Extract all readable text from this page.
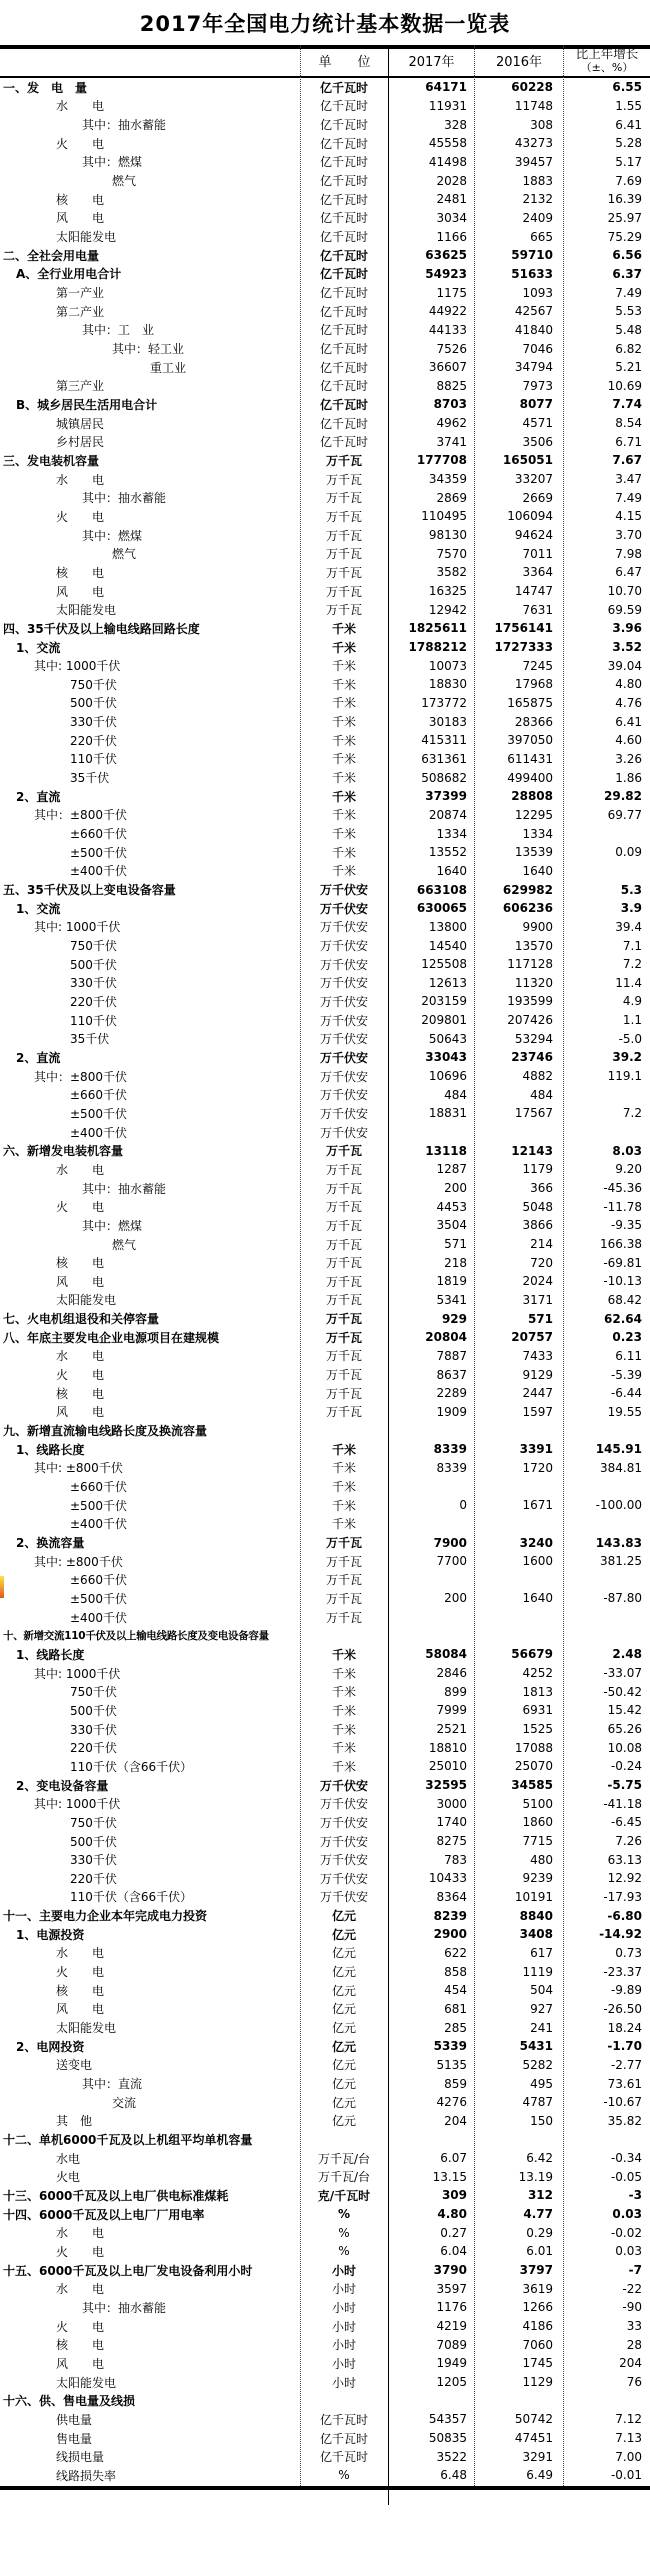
2017年全国电力统计基本数据一览表
单　　位	2017年	2016年
比上年增长
（±、%）
一、发　电　量	亿千瓦时	64171	60228	6.55
水　　电	亿千瓦时	11931	11748	1.55
其中：抽水蓄能	亿千瓦时	328	308	6.41
火　　电	亿千瓦时	45558	43273	5.28
其中：燃煤	亿千瓦时	41498	39457	5.17
燃气	亿千瓦时	2028	1883	7.69
核　　电	亿千瓦时	2481	2132	16.39
风　　电	亿千瓦时	3034	2409	25.97
太阳能发电	亿千瓦时	1166	665	75.29
二、全社会用电量	亿千瓦时	63625	59710	6.56
A、全行业用电合计	亿千瓦时	54923	51633	6.37
第一产业	亿千瓦时	1175	1093	7.49
第二产业	亿千瓦时	44922	42567	5.53
其中：工　业	亿千瓦时	44133	41840	5.48
其中：轻工业	亿千瓦时	7526	7046	6.82
重工业	亿千瓦时	36607	34794	5.21
第三产业	亿千瓦时	8825	7973	10.69
B、城乡居民生活用电合计	亿千瓦时	8703	8077	7.74
城镇居民	亿千瓦时	4962	4571	8.54
乡村居民	亿千瓦时	3741	3506	6.71
三、发电装机容量	万千瓦	177708	165051	7.67
水　　电	万千瓦	34359	33207	3.47
其中：抽水蓄能	万千瓦	2869	2669	7.49
火　　电	万千瓦	110495	106094	4.15
其中：燃煤	万千瓦	98130	94624	3.70
燃气	万千瓦	7570	7011	7.98
核　　电	万千瓦	3582	3364	6.47
风　　电	万千瓦	16325	14747	10.70
太阳能发电	万千瓦	12942	7631	69.59
四、35千伏及以上输电线路回路长度	千米	1825611	1756141	3.96
1、交流	千米	1788212	1727333	3.52
其中: 1000千伏	千米	10073	7245	39.04
750千伏	千米	18830	17968	4.80
500千伏	千米	173772	165875	4.76
330千伏	千米	30183	28366	6.41
220千伏	千米	415311	397050	4.60
110千伏	千米	631361	611431	3.26
35千伏	千米	508682	499400	1.86
2、直流	千米	37399	28808	29.82
其中：±800千伏	千米	20874	12295	69.77
±660千伏	千米	1334	1334
±500千伏	千米	13552	13539	0.09
±400千伏	千米	1640	1640
五、35千伏及以上变电设备容量	万千伏安	663108	629982	5.3
1、交流	万千伏安	630065	606236	3.9
其中: 1000千伏	万千伏安	13800	9900	39.4
750千伏	万千伏安	14540	13570	7.1
500千伏	万千伏安	125508	117128	7.2
330千伏	万千伏安	12613	11320	11.4
220千伏	万千伏安	203159	193599	4.9
110千伏	万千伏安	209801	207426	1.1
35千伏	万千伏安	50643	53294	-5.0
2、直流	万千伏安	33043	23746	39.2
其中：±800千伏	万千伏安	10696	4882	119.1
±660千伏	万千伏安	484	484
±500千伏	万千伏安	18831	17567	7.2
±400千伏	万千伏安
六、新增发电装机容量	万千瓦	13118	12143	8.03
水　　电	万千瓦	1287	1179	9.20
其中：抽水蓄能	万千瓦	200	366	-45.36
火　　电	万千瓦	4453	5048	-11.78
其中：燃煤	万千瓦	3504	3866	-9.35
燃气	万千瓦	571	214	166.38
核　　电	万千瓦	218	720	-69.81
风　　电	万千瓦	1819	2024	-10.13
太阳能发电	万千瓦	5341	3171	68.42
七、火电机组退役和关停容量	万千瓦	929	571	62.64
八、年底主要发电企业电源项目在建规模	万千瓦	20804	20757	0.23
水　　电	万千瓦	7887	7433	6.11
火　　电	万千瓦	8637	9129	-5.39
核　　电	万千瓦	2289	2447	-6.44
风　　电	万千瓦	1909	1597	19.55
九、新增直流输电线路长度及换流容量
1、线路长度	千米	8339	3391	145.91
其中: ±800千伏	千米	8339	1720	384.81
±660千伏	千米
±500千伏	千米	0	1671	-100.00
±400千伏	千米
2、换流容量	万千瓦	7900	3240	143.83
其中: ±800千伏	万千瓦	7700	1600	381.25
±660千伏	万千瓦
±500千伏	万千瓦	200	1640	-87.80
±400千伏	万千瓦
十、新增交流110千伏及以上输电线路长度及变电设备容量
1、线路长度	千米	58084	56679	2.48
其中: 1000千伏	千米	2846	4252	-33.07
750千伏	千米	899	1813	-50.42
500千伏	千米	7999	6931	15.42
330千伏	千米	2521	1525	65.26
220千伏	千米	18810	17088	10.08
110千伏（含66千伏）	千米	25010	25070	-0.24
2、变电设备容量	万千伏安	32595	34585	-5.75
其中: 1000千伏	万千伏安	3000	5100	-41.18
750千伏	万千伏安	1740	1860	-6.45
500千伏	万千伏安	8275	7715	7.26
330千伏	万千伏安	783	480	63.13
220千伏	万千伏安	10433	9239	12.92
110千伏（含66千伏）	万千伏安	8364	10191	-17.93
十一、主要电力企业本年完成电力投资	亿元	8239	8840	-6.80
1、电源投资	亿元	2900	3408	-14.92
水　　电	亿元	622	617	0.73
火　　电	亿元	858	1119	-23.37
核　　电	亿元	454	504	-9.89
风　　电	亿元	681	927	-26.50
太阳能发电	亿元	285	241	18.24
2、电网投资	亿元	5339	5431	-1.70
送变电	亿元	5135	5282	-2.77
其中：直流	亿元	859	495	73.61
交流	亿元	4276	4787	-10.67
其　他	亿元	204	150	35.82
十二、单机6000千瓦及以上机组平均单机容量
水电	万千瓦/台	6.07	6.42	-0.34
火电	万千瓦/台	13.15	13.19	-0.05
十三、6000千瓦及以上电厂供电标准煤耗	克/千瓦时	309	312	-3
十四、6000千瓦及以上电厂厂用电率	%	4.80	4.77	0.03
水　　电	%	0.27	0.29	-0.02
火　　电	%	6.04	6.01	0.03
十五、6000千瓦及以上电厂发电设备利用小时	小时	3790	3797	-7
水　　电	小时	3597	3619	-22
其中：抽水蓄能	小时	1176	1266	-90
火　　电	小时	4219	4186	33
核　　电	小时	7089	7060	28
风　　电	小时	1949	1745	204
太阳能发电	小时	1205	1129	76
十六、供、售电量及线损
供电量	亿千瓦时	54357	50742	7.12
售电量	亿千瓦时	50835	47451	7.13
线损电量	亿千瓦时	3522	3291	7.00
线路损失率	%	6.48	6.49	-0.01
